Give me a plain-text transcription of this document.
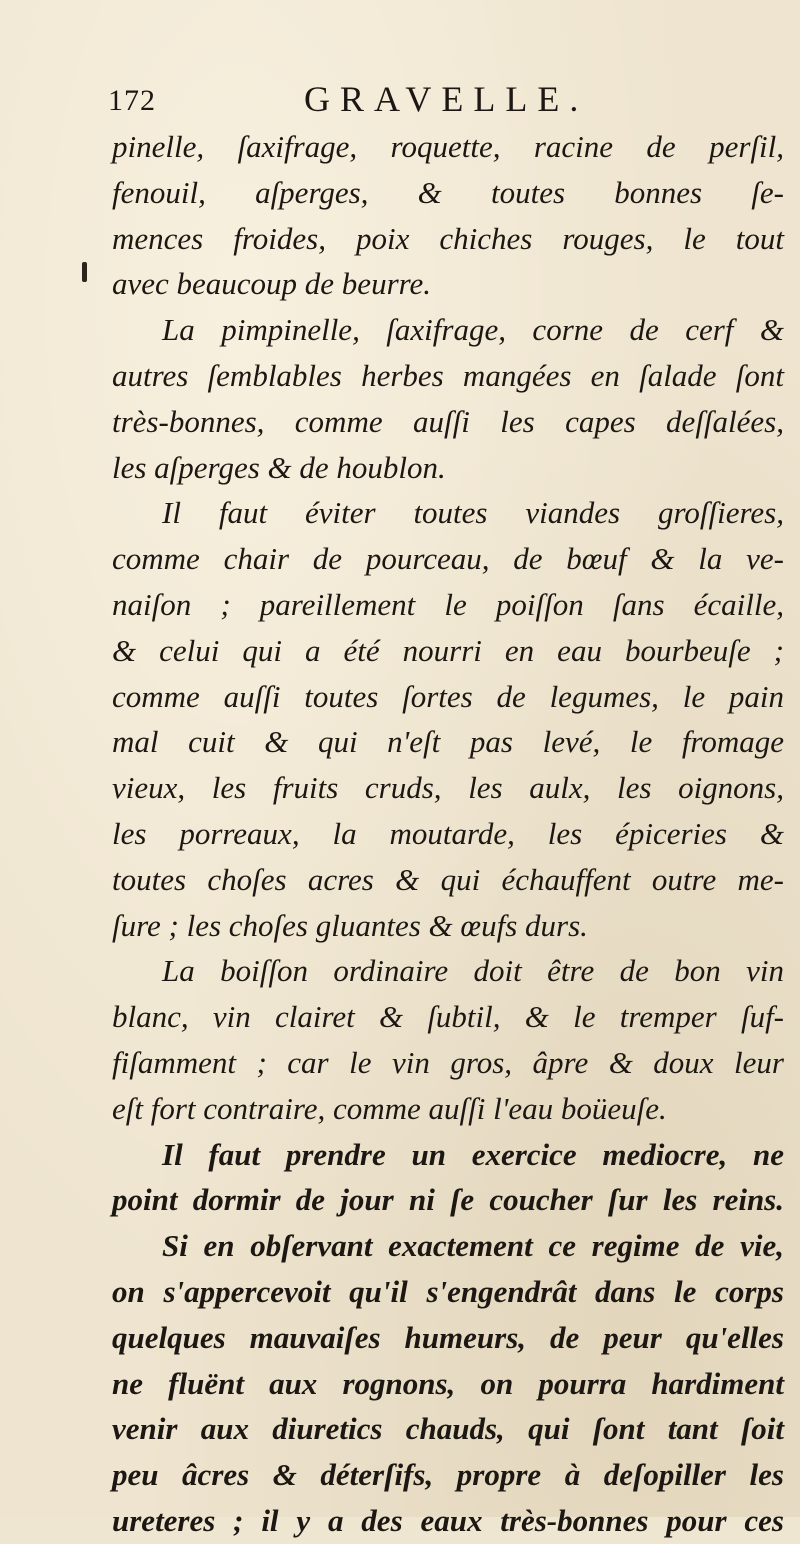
172	GRAVELLE.
pinelle, ſaxifrage, roquette, racine de perſil,
fenouil, aſperges, & toutes bonnes ſe-
mences froides, poix chiches rouges, le tout
avec beaucoup de beurre.
La pimpinelle, ſaxifrage, corne de cerf &
autres ſemblables herbes mangées en ſalade ſont
très-bonnes, comme auſſi les capes deſſalées,
les aſperges & de houblon.
Il faut éviter toutes viandes groſſieres,
comme chair de pourceau, de bœuf & la ve-
naiſon ; pareillement le poiſſon ſans écaille,
& celui qui a été nourri en eau bourbeuſe ;
comme auſſi toutes ſortes de legumes, le pain
mal cuit & qui n'eſt pas levé, le fromage
vieux, les fruits cruds, les aulx, les oignons,
les porreaux, la moutarde, les épiceries &
toutes choſes acres & qui échauffent outre me-
ſure ; les choſes gluantes & œufs durs.
La boiſſon ordinaire doit être de bon vin
blanc, vin clairet & ſubtil, & le tremper ſuf-
fiſamment ; car le vin gros, âpre & doux leur
eſt fort contraire, comme auſſi l'eau boüeuſe.
Il faut prendre un exercice mediocre, ne
point dormir de jour ni ſe coucher ſur les reins.
Si en obſervant exactement ce regime de vie,
on s'appercevoit qu'il s'engendrât dans le corps
quelques mauvaiſes humeurs, de peur qu'elles
ne fluënt aux rognons, on pourra hardiment
venir aux diuretics chauds, qui ſont tant ſoit
peu âcres & déterſifs, propre à deſopiller les
ureteres ; il y a des eaux très-bonnes pour ces
